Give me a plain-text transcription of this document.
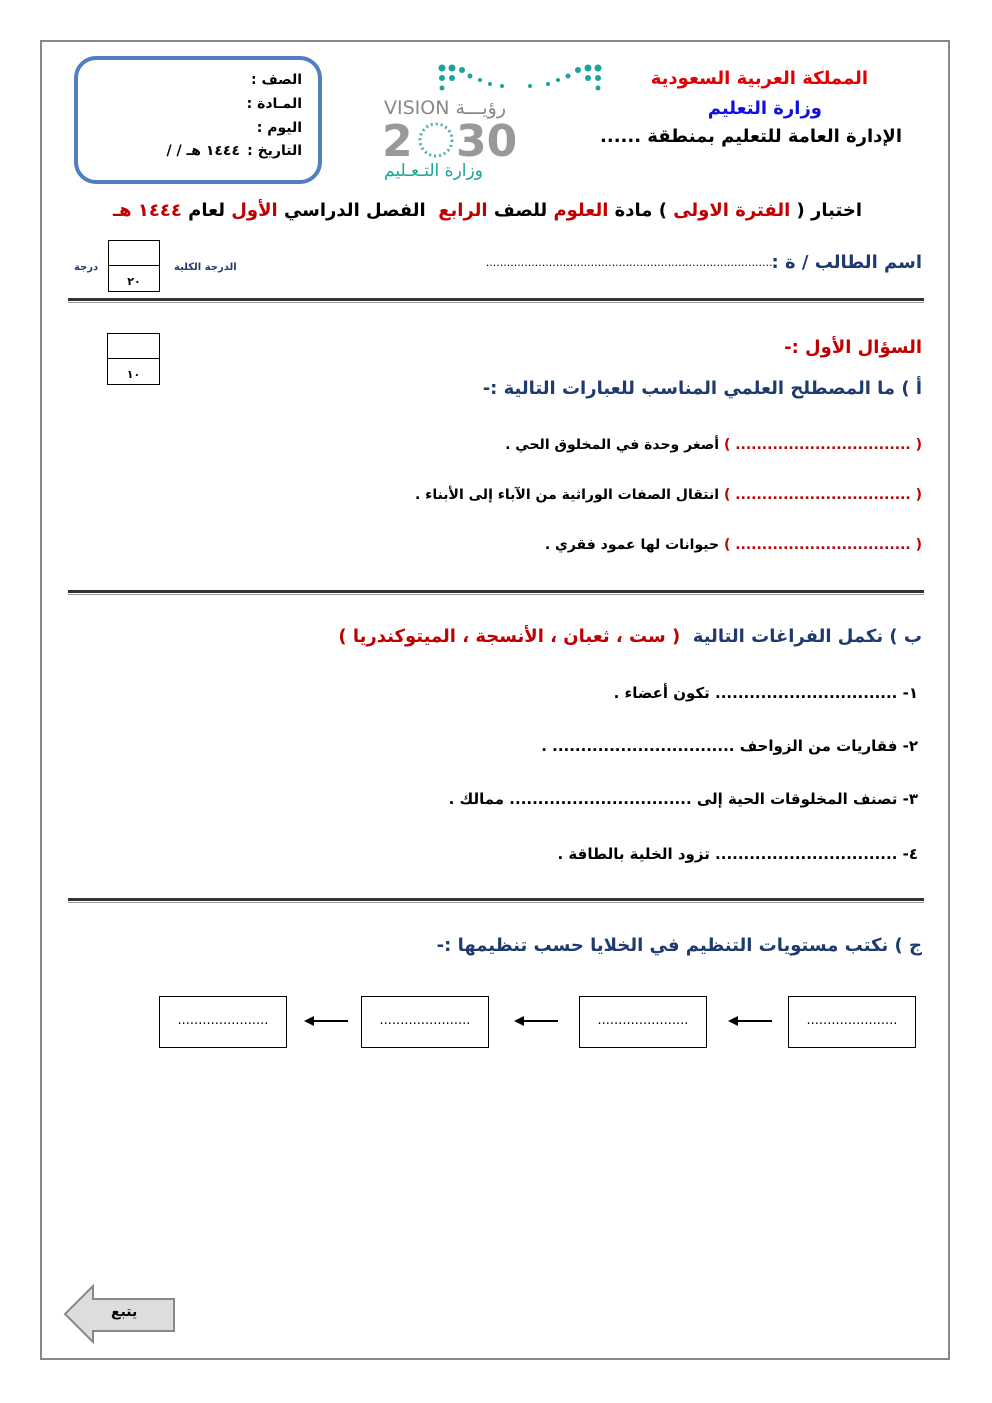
المملكة العربية السعودية
وزارة التعليم
الإدارة العامة للتعليم بمنطقة ......
VISION رؤيـــة
2 30
وزارة التـعـليم
الصف :
المـادة :
اليوم :
التاريخ :
/ / ١٤٤٤ هـ
اختبار ( الفترة الاولى ) مادة العلوم للصف الرابع  الفصل الدراسي الأول لعام ١٤٤٤ هـ
اسم الطالب / ة :
...................................................................................
الدرجة الكلية
٢٠
درجة
السؤال الأول :-
١٠
أ ) ما المصطلح العلمي المناسب للعبارات التالية :-
( ................................. ) أصغر وحدة في المخلوق الحي .
( ................................. ) انتقال الصفات الوراثية من الآباء إلى الأبناء .
( ................................. ) حيوانات لها عمود فقري .
ب ) نكمل الفراغات التالية  ( ست ، ثعبان ، الأنسجة ، الميتوكندريا )
١- ................................ تكون أعضاء .
٢- فقاريات من الزواحف ................................ .
٣- تصنف المخلوقات الحية إلى ................................ ممالك .
٤- ................................ تزود الخلية بالطاقة .
ج ) نكتب مستويات التنظيم في الخلايا حسب تنظيمها :-
......................
......................
......................
......................
يتبع
